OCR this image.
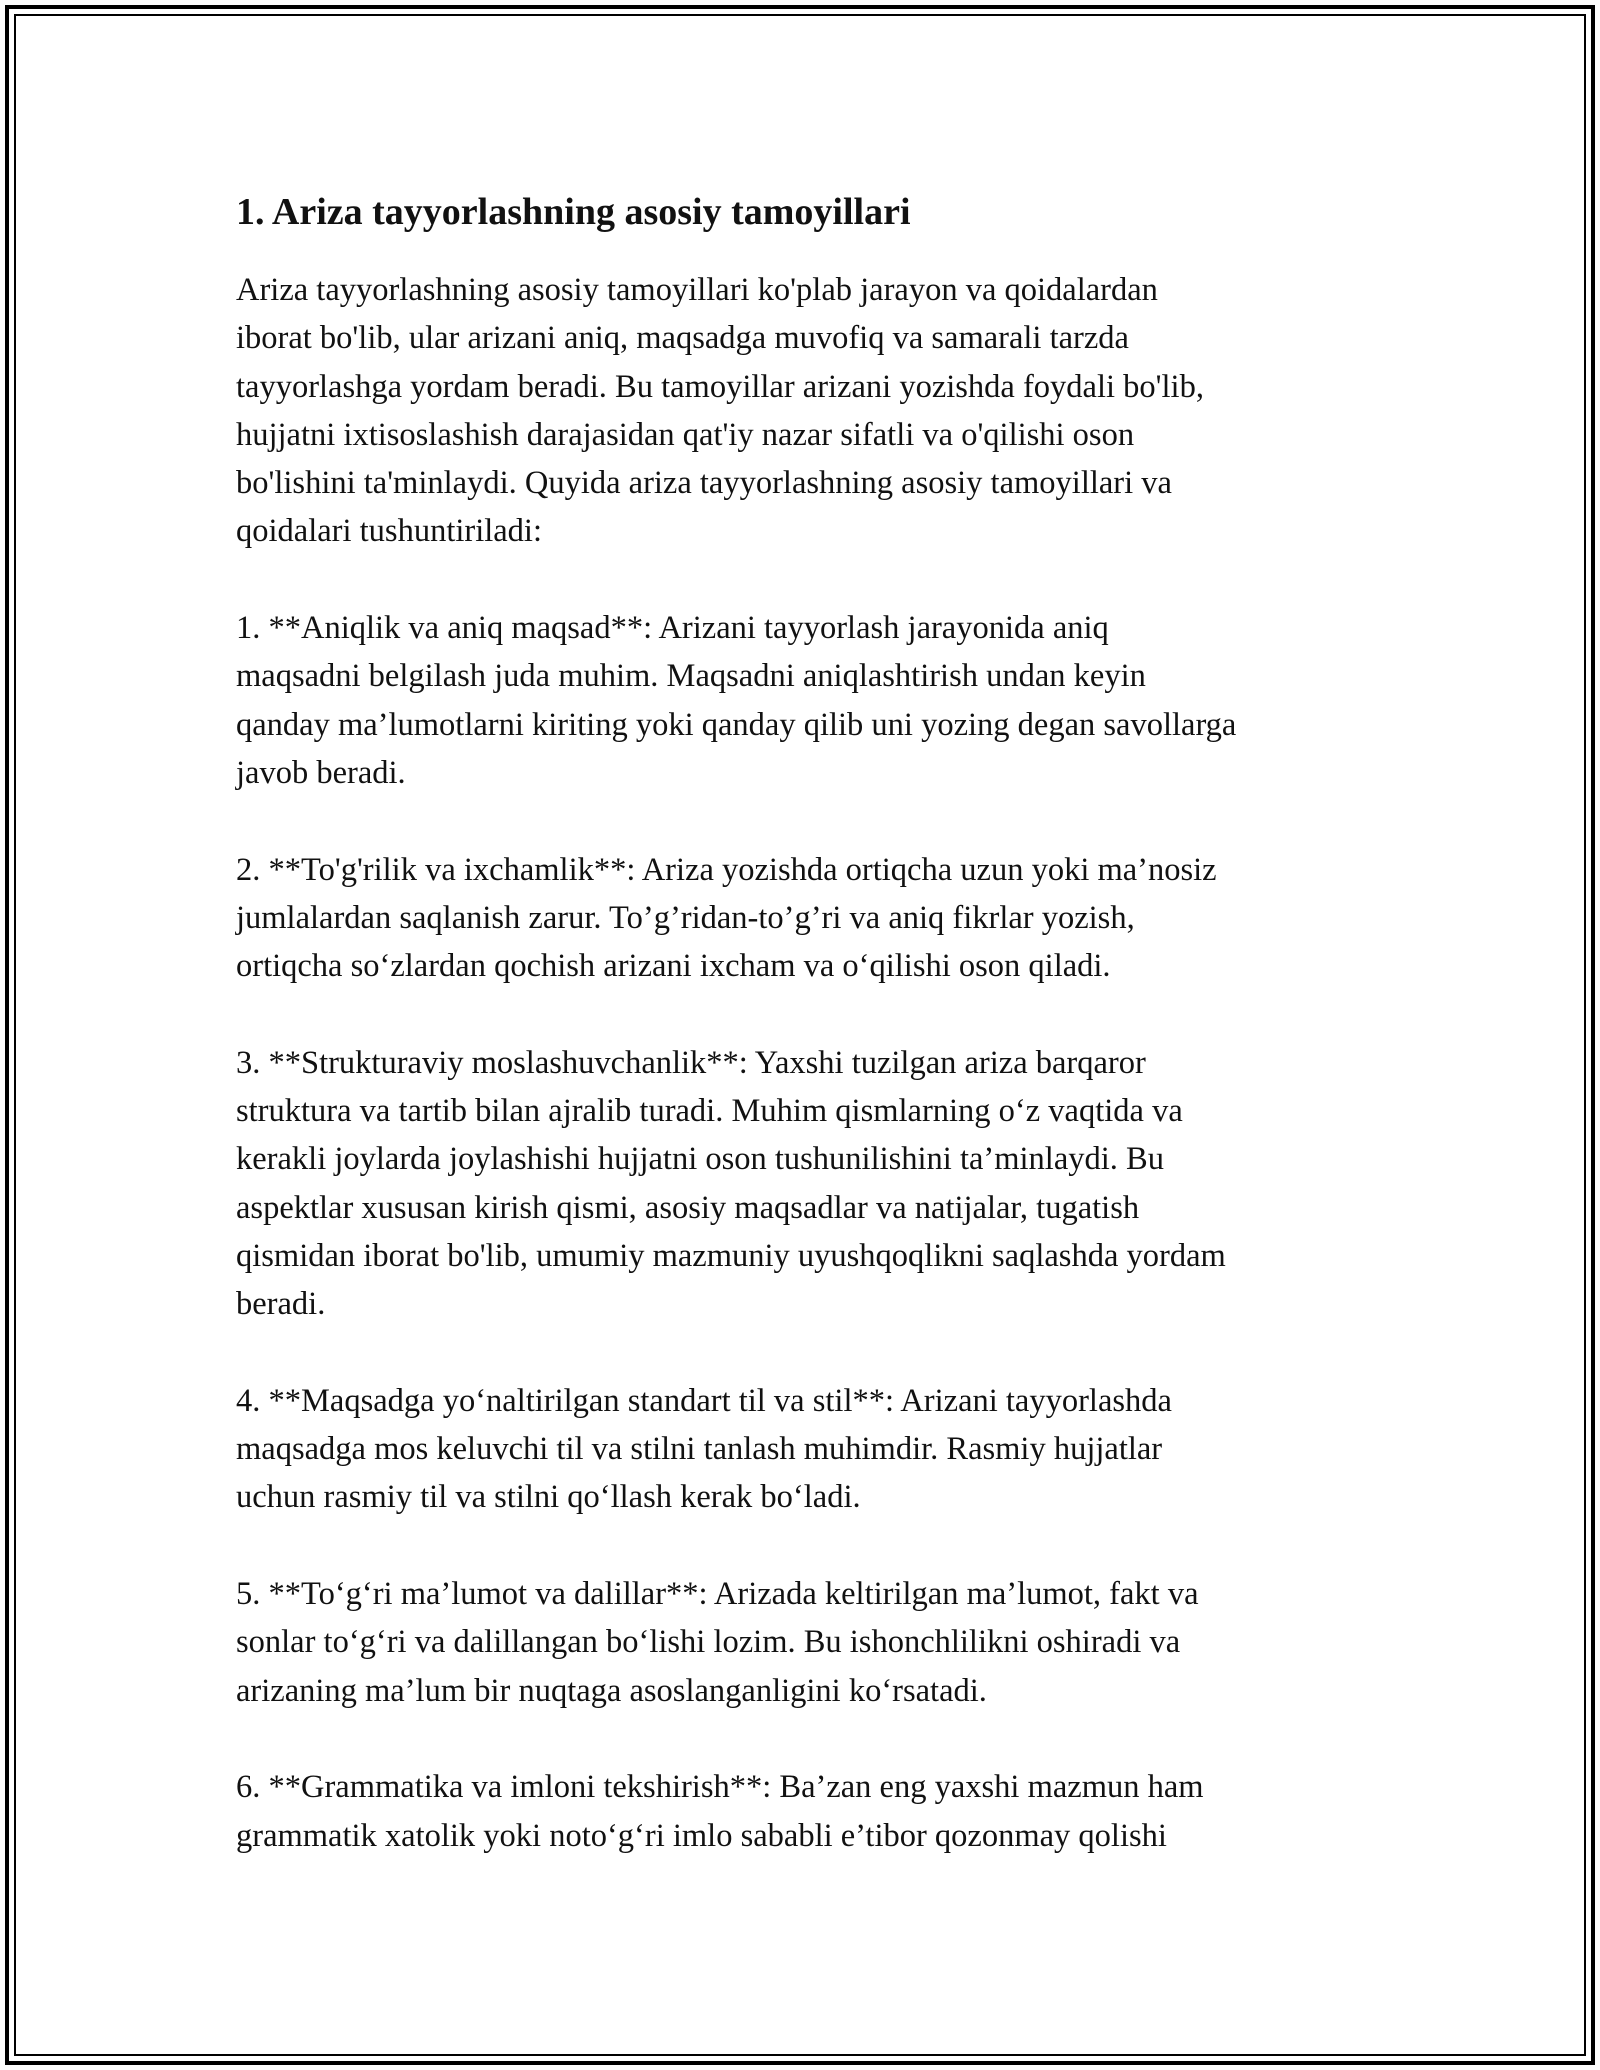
1. Ariza tayyorlashning asosiy tamoyillari

Ariza tayyorlashning asosiy tamoyillari ko'plab jarayon va qoidalardan
iborat bo'lib, ular arizani aniq, maqsadga muvofiq va samarali tarzda
tayyorlashga yordam beradi. Bu tamoyillar arizani yozishda foydali bo'lib,
hujjatni ixtisoslashish darajasidan qat'iy nazar sifatli va o'qilishi oson
bo'lishini ta'minlaydi. Quyida ariza tayyorlashning asosiy tamoyillari va
qoidalari tushuntiriladi:

1. **Aniqlik va aniq maqsad**: Arizani tayyorlash jarayonida aniq
maqsadni belgilash juda muhim. Maqsadni aniqlashtirish undan keyin
qanday ma’lumotlarni kiriting yoki qanday qilib uni yozing degan savollarga
javob beradi.

2. **To'g'rilik va ixchamlik**: Ariza yozishda ortiqcha uzun yoki ma’nosiz
jumlalardan saqlanish zarur. To’g’ridan-to’g’ri va aniq fikrlar yozish,
ortiqcha so‘zlardan qochish arizani ixcham va o‘qilishi oson qiladi.

3. **Strukturaviy moslashuvchanlik**: Yaxshi tuzilgan ariza barqaror
struktura va tartib bilan ajralib turadi. Muhim qismlarning o‘z vaqtida va
kerakli joylarda joylashishi hujjatni oson tushunilishini ta’minlaydi. Bu
aspektlar xususan kirish qismi, asosiy maqsadlar va natijalar, tugatish
qismidan iborat bo'lib, umumiy mazmuniy uyushqoqlikni saqlashda yordam
beradi.

4. **Maqsadga yo‘naltirilgan standart til va stil**: Arizani tayyorlashda
maqsadga mos keluvchi til va stilni tanlash muhimdir. Rasmiy hujjatlar
uchun rasmiy til va stilni qo‘llash kerak bo‘ladi.

5. **To‘g‘ri ma’lumot va dalillar**: Arizada keltirilgan ma’lumot, fakt va
sonlar to‘g‘ri va dalillangan bo‘lishi lozim. Bu ishonchlilikni oshiradi va
arizaning ma’lum bir nuqtaga asoslanganligini ko‘rsatadi.

6. **Grammatika va imloni tekshirish**: Ba’zan eng yaxshi mazmun ham
grammatik xatolik yoki noto‘g‘ri imlo sababli e’tibor qozonmay qolishi
